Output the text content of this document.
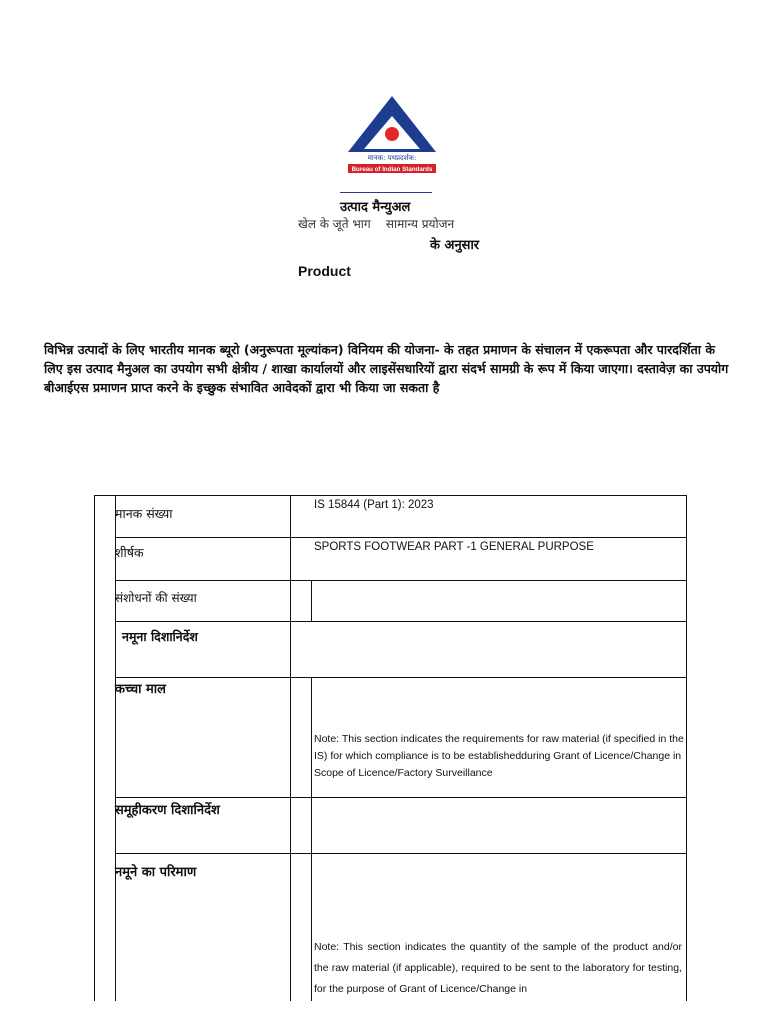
मानक: पथप्रदर्शक:
Bureau of Indian Standards
उत्पाद मैन्युअल
खेल के जूते भाग    सामान्य प्रयोजन
के अनुसार
Product
विभिन्न उत्पादों के लिए भारतीय मानक ब्यूरो (अनुरूपता मूल्यांकन) विनियम की योजना- के तहत प्रमाणन के संचालन में एकरूपता और पारदर्शिता के लिए इस उत्पाद मैनुअल का उपयोग सभी क्षेत्रीय / शाखा कार्यालयों और लाइसेंसधारियों द्वारा संदर्भ सामग्री के रूप में किया जाएगा। दस्तावेज़ का उपयोग बीआईएस प्रमाणन प्राप्त करने के इच्छुक संभावित आवेदकों द्वारा भी किया जा सकता है
मानक संख्या
IS 15844 (Part 1): 2023
शीर्षक	SPORTS FOOTWEAR PART -1 GENERAL PURPOSE
संशोधनों की संख्या
नमूना दिशानिर्देश
कच्चा माल
Note: This section indicates the requirements for raw material (if specified in the IS) for which compliance is to be establishedduring Grant of Licence/Change in Scope of Licence/Factory Surveillance
समूहीकरण दिशानिर्देश
नमूने का परिमाण
Note: This section indicates the quantity of the sample of the product and/or the raw material (if applicable), required to be sent to the laboratory for testing, for the purpose of Grant of Licence/Change in
